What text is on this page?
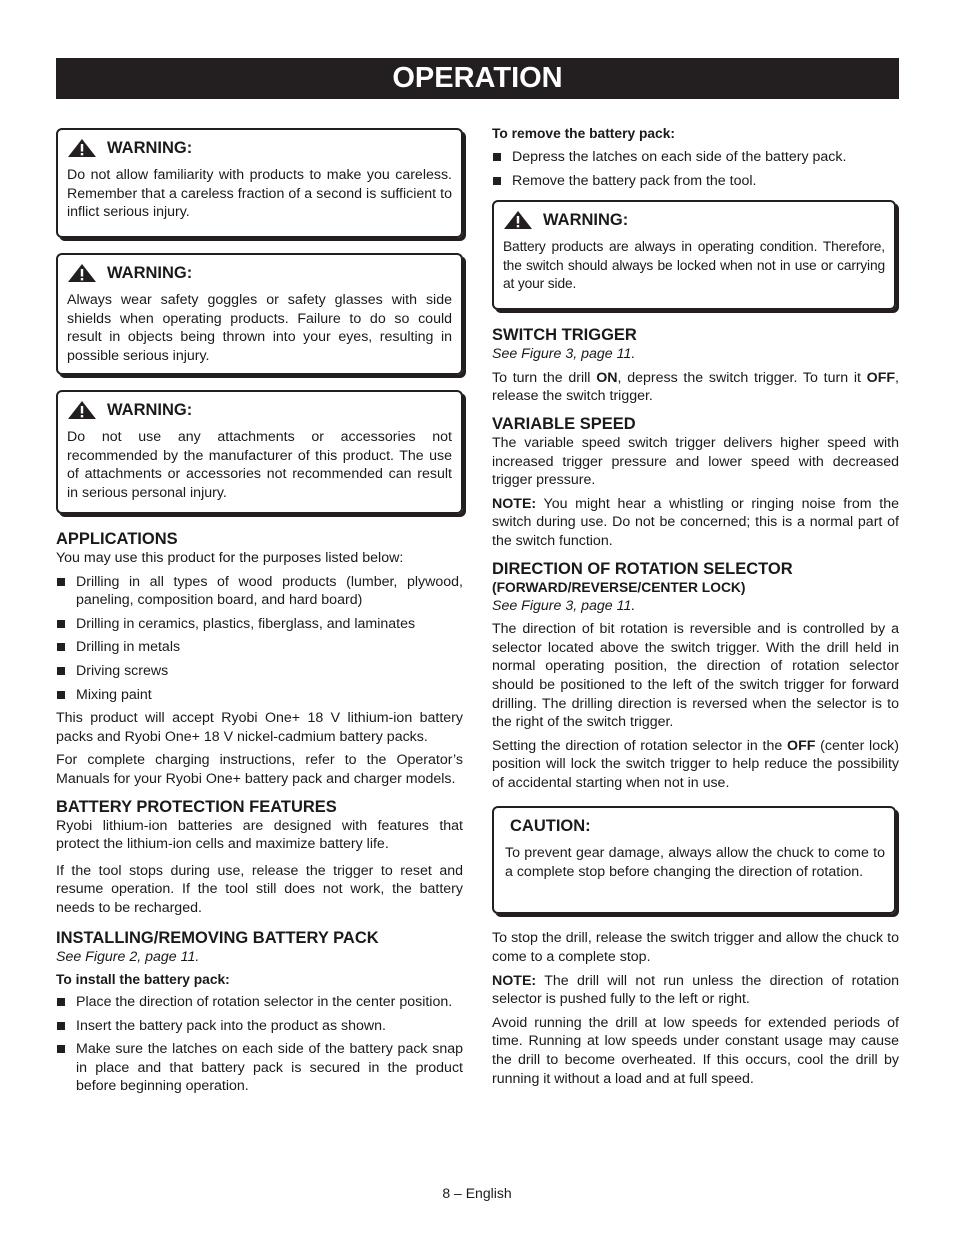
OPERATION
WARNING:

Do not allow familiarity with products to make you careless. Remember that a careless fraction of a second is sufficient to inflict serious injury.

WARNING:

Always wear safety goggles or safety glasses with side shields when operating products. Failure to do so could result in objects being thrown into your eyes, resulting in possible serious injury.

WARNING:

Do not use any attachments or accessories not recommended by the manufacturer of this product. The use of attachments or accessories not recommended can result in serious personal injury.

APPLICATIONS

You may use this product for the purposes listed below:

Drilling in all types of wood products (lumber, plywood, paneling, composition board, and hard board)
Drilling in ceramics, plastics, fiberglass, and laminates
Drilling in metals
Driving screws
Mixing paint

This product will accept Ryobi One+ 18 V lithium-ion battery packs and Ryobi One+ 18 V nickel-cadmium battery packs.

For complete charging instructions, refer to the Operator’s Manuals for your Ryobi One+ battery pack and charger models.

BATTERY PROTECTION FEATURES

Ryobi lithium-ion batteries are designed with features that protect the lithium-ion cells and maximize battery life.

If the tool stops during use, release the trigger to reset and resume operation. If the tool still does not work, the battery needs to be recharged.

INSTALLING/REMOVING BATTERY PACK

See Figure 2, page 11.

To install the battery pack:
Place the direction of rotation selector in the center position.
Insert the battery pack into the product as shown.
Make sure the latches on each side of the battery pack snap in place and that battery pack is secured in the product before beginning operation.
To remove the battery pack:
Depress the latches on each side of the battery pack.
Remove the battery pack from the tool.
WARNING:

Battery products are always in operating condition. Therefore, the switch should always be locked when not in use or carrying at your side.

SWITCH TRIGGER

See Figure 3, page 11.

To turn the drill ON, depress the switch trigger. To turn it OFF, release the switch trigger.

VARIABLE SPEED

The variable speed switch trigger delivers higher speed with increased trigger pressure and lower speed with decreased trigger pressure.

NOTE: You might hear a whistling or ringing noise from the switch during use. Do not be concerned; this is a normal part of the switch function.

DIRECTION OF ROTATION SELECTOR
(FORWARD/REVERSE/CENTER LOCK)

See Figure 3, page 11.

The direction of bit rotation is reversible and is controlled by a selector located above the switch trigger. With the drill held in normal operating position, the direction of rotation selector should be positioned to the left of the switch trigger for forward drilling. The drilling direction is reversed when the selector is to the right of the switch trigger.

Setting the direction of rotation selector in the OFF (center lock) position will lock the switch trigger to help reduce the possibility of accidental starting when not in use.

CAUTION:

To prevent gear damage, always allow the chuck to come to a complete stop before changing the direction of rotation.

To stop the drill, release the switch trigger and allow the chuck to come to a complete stop.

NOTE: The drill will not run unless the direction of rotation selector is pushed fully to the left or right.

Avoid running the drill at low speeds for extended periods of time. Running at low speeds under constant usage may cause the drill to become overheated. If this occurs, cool the drill by running it without a load and at full speed.

8 – English
